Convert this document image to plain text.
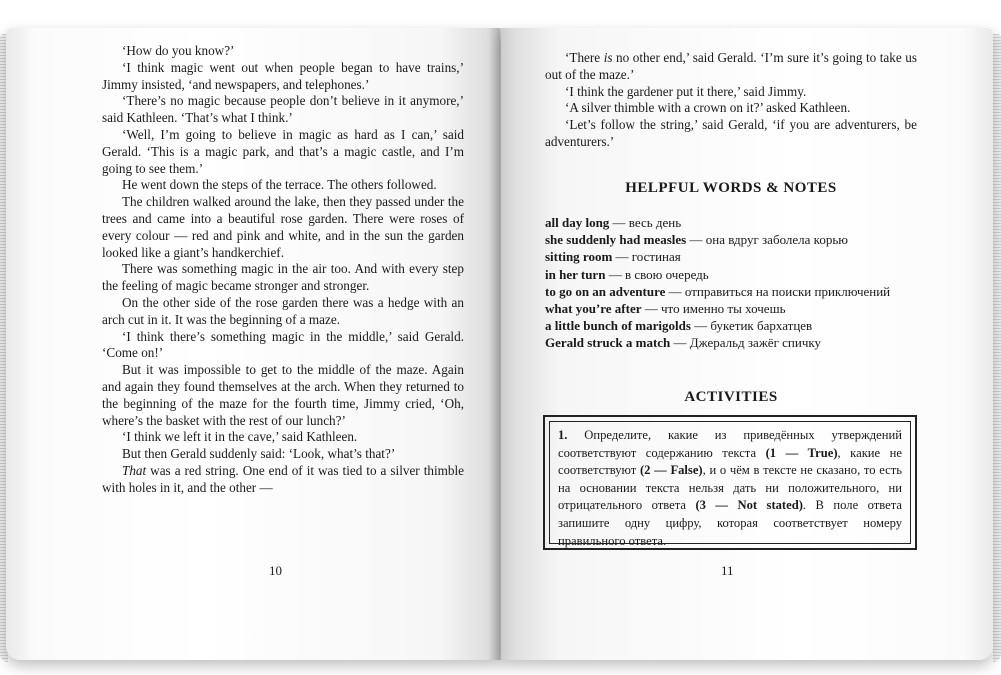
‘How do you know?’

‘I think magic went out when people began to have trains,’ Jimmy insisted, ‘and newspapers, and telephones.’

‘There’s no magic because people don’t believe in it anymore,’ said Kathleen. ‘That’s what I think.’

‘Well, I’m going to believe in magic as hard as I can,’ said Gerald. ‘This is a magic park, and that’s a magic castle, and I’m going to see them.’

He went down the steps of the terrace. The others followed.

The children walked around the lake, then they passed under the trees and came into a beautiful rose garden. There were roses of every colour — red and pink and white, and in the sun the garden looked like a giant’s handkerchief.

There was something magic in the air too. And with every step the feeling of magic became stronger and stronger.

On the other side of the rose garden there was a hedge with an arch cut in it. It was the beginning of a maze.

‘I think there’s something magic in the middle,’ said Gerald. ‘Come on!’

But it was impossible to get to the middle of the maze. Again and again they found themselves at the arch. When they returned to the beginning of the maze for the fourth time, Jimmy cried, ‘Oh, where’s the basket with the rest of our lunch?’

‘I think we left it in the cave,’ said Kathleen.

But then Gerald suddenly said: ‘Look, what’s that?’

That was a red string. One end of it was tied to a silver thimble with holes in it, and the other —

10

‘There is no other end,’ said Gerald. ‘I’m sure it’s going to take us out of the maze.’

‘I think the gardener put it there,’ said Jimmy.

‘A silver thimble with a crown on it?’ asked Kathleen.

‘Let’s follow the string,’ said Gerald, ‘if you are adventurers, be adventurers.’

HELPFUL WORDS & NOTES

all day long — весь день

she suddenly had measles — она вдруг заболела корью

sitting room — гостиная

in her turn — в свою очередь

to go on an adventure — отправиться на поиски приключений

what you’re after — что именно ты хочешь

a little bunch of marigolds — букетик бархатцев

Gerald struck a match — Джеральд зажёг спичку

ACTIVITIES
1. Определите, какие из приведённых утверждений соответствуют содержанию текста (1 — True), какие не соответствуют (2 — False), и о чём в тексте не сказано, то есть на основании текста нельзя дать ни положительного, ни отрицательного ответа (3 — Not stated). В поле ответа запишите одну цифру, которая соответствует номеру правильного ответа.
11
